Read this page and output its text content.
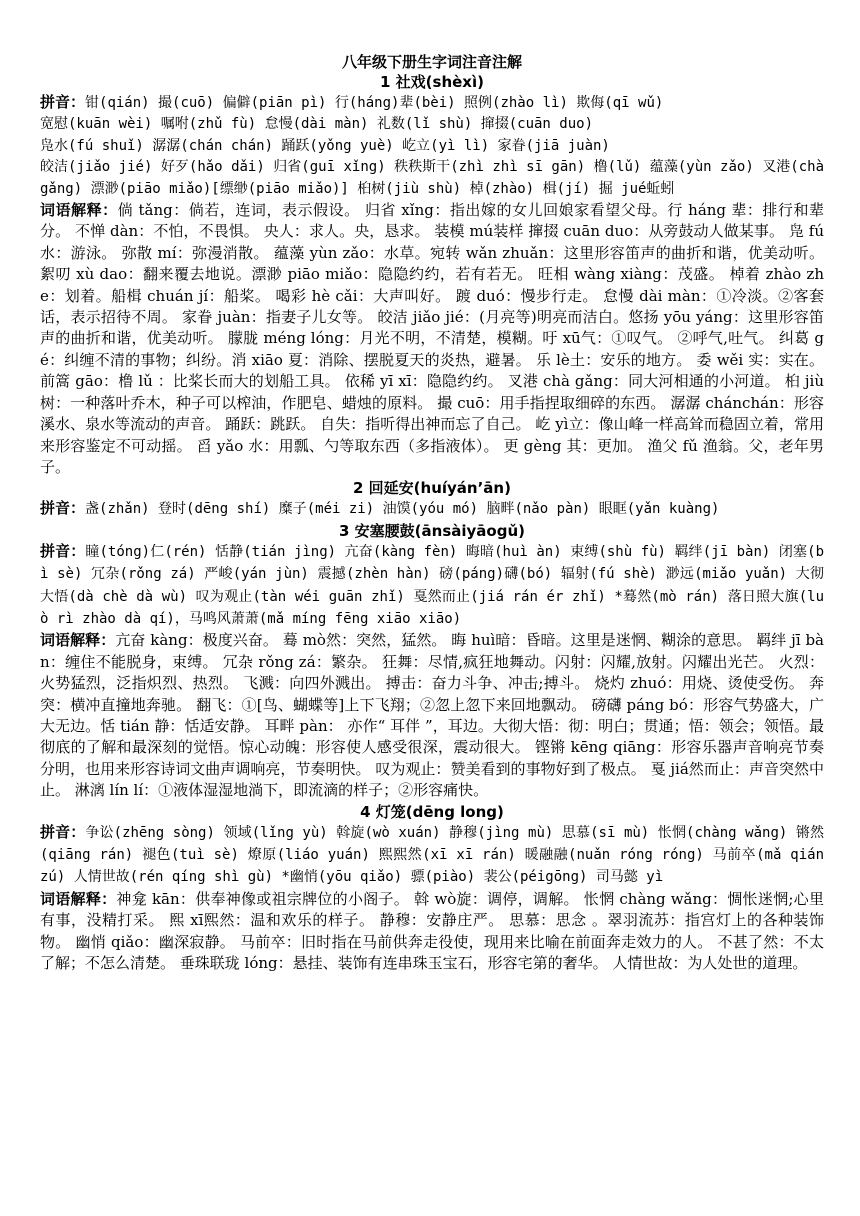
八年级下册生字词注音注解
1 社戏(shèxì)

拼音：钳(qián) 撮(cuō) 偏僻(piān pì) 行(háng)辈(bèi) 照例(zhào lì) 欺侮(qī wǔ)

宽慰(kuān wèi) 嘱咐(zhǔ fù) 怠慢(dài màn) 礼数(lǐ shù) 撺掇(cuān duo)

凫水(fú shuǐ) 潺潺(chán chán) 踊跃(yǒng yuè) 屹立(yì lì) 家眷(jiā juàn)

皎洁(jiǎo jié) 好歹(hǎo dǎi) 归省(guī xǐng) 秩秩斯干(zhì zhì sī gān) 橹(lǔ) 蕴藻(yùn zǎo) 叉港(chà gǎng) 漂渺(piāo miǎo)[缥缈(piāo miǎo)] 桕树(jiù shù) 棹(zhào) 楫(jí) 掘 jué蚯蚓

词语解释：倘 tǎng：倘若，连词，表示假设。 归省 xǐng：指出嫁的女儿回娘家看望父母。行 háng 辈：排行和辈分。 不惮 dàn：不怕，不畏惧。 央人：求人。央，恳求。 装模 mú装样 撺掇 cuān duo：从旁鼓动人做某事。 凫 fú水：游泳。 弥散 mí：弥漫消散。 蕴藻 yùn zǎo：水草。宛转 wǎn zhuǎn：这里形容笛声的曲折和谐，优美动听。 絮叨 xù dao：翻来覆去地说。漂渺 piāo miǎo：隐隐约约，若有若无。 旺相 wàng xiàng：茂盛。 棹着 zhào zhe：划着。船楫 chuán jí：船桨。 喝彩 hè cǎi：大声叫好。 踱 duó：慢步行走。 怠慢 dài màn：①冷淡。②客套话，表示招待不周。 家眷 juàn：指妻子儿女等。 皎洁 jiǎo jié：(月亮等)明亮而洁白。悠扬 yōu yáng：这里形容笛声的曲折和谐，优美动听。 朦胧 méng lóng：月光不明，不清楚，模糊。吁 xū气：①叹气。 ②呼气,吐气。 纠葛 gé：纠缠不清的事物；纠纷。消 xiāo 夏：消除、摆脱夏天的炎热，避暑。 乐 lè土：安乐的地方。 委 wěi 实：实在。前篙 gāo：橹 lǔ ：比桨长而大的划船工具。 依稀 yī xī：隐隐约约。 叉港 chà gǎng：同大河相通的小河道。 桕 jiù树：一种落叶乔木，种子可以榨油，作肥皂、蜡烛的原料。 撮 cuō：用手指捏取细碎的东西。 潺潺 chánchán：形容溪水、泉水等流动的声音。 踊跃：跳跃。 自失：指听得出神而忘了自己。 屹 yì立：像山峰一样高耸而稳固立着，常用来形容鉴定不可动摇。 舀 yǎo 水：用瓢、勺等取东西（多指液体）。 更 gèng 其：更加。 渔父 fǔ 渔翁。父，老年男子。

2 回延安(huíyán’ān)

拼音：盏(zhǎn) 登时(dēng shí) 糜子(méi zi) 油馍(yóu mó) 脑畔(nǎo pàn) 眼眶(yǎn kuàng)

3 安塞腰鼓(ānsàiyāogǔ)

拼音：瞳(tóng)仁(rén) 恬静(tián jìng) 亢奋(kàng fèn) 晦暗(huì àn) 束缚(shù fù) 羁绊(jī bàn) 闭塞(bì sè) 冗杂(rǒng zá) 严峻(yán jùn) 震撼(zhèn hàn) 磅(páng)礴(bó) 辐射(fú shè) 渺远(miǎo yuǎn) 大彻大悟(dà chè dà wù) 叹为观止(tàn wéi guān zhǐ) 戛然而止(jiá rán ér zhǐ) *蓦然(mò rán) 落日照大旗(luò rì zhào dà qí)，马鸣风萧萧(mǎ míng fēng xiāo xiāo)

词语解释：亢奋 kàng：极度兴奋。 蓦 mò然：突然，猛然。 晦 huì暗：昏暗。这里是迷惘、糊涂的意思。 羁绊 jī bàn：缠住不能脱身，束缚。 冗杂 rǒng zá：繁杂。 狂舞：尽情,疯狂地舞动。闪射：闪耀,放射。闪耀出光芒。 火烈：火势猛烈，泛指炽烈、热烈。 飞溅：向四外溅出。 搏击：奋力斗争、冲击;搏斗。 烧灼 zhuó：用烧、烫使受伤。 奔突：横冲直撞地奔驰。 翻飞：①[鸟、蝴蝶等]上下飞翔；②忽上忽下来回地飘动。 磅礴 páng bó：形容气势盛大，广大无边。恬 tián 静：恬适安静。 耳畔 pàn： 亦作“ 耳伴 ”，耳边。大彻大悟：彻：明白；贯通；悟：领会；领悟。最彻底的了解和最深刻的觉悟。惊心动魄：形容使人感受很深，震动很大。 铿锵 kēng qiāng：形容乐器声音响亮节奏分明，也用来形容诗词文曲声调响亮，节奏明快。 叹为观止：赞美看到的事物好到了极点。 戛 jiá然而止：声音突然中止。 淋漓 lín lí：①液体湿湿地淌下，即流滴的样子；②形容痛快。

4 灯笼(dēng long)

拼音：争讼(zhēng sòng) 领域(lǐng yù) 斡旋(wò xuán) 静穆(jìng mù) 思慕(sī mù) 怅惘(chàng wǎng) 锵然(qiāng rán) 褪色(tuì sè) 燎原(liáo yuán) 熙熙然(xī xī rán) 暖融融(nuǎn róng róng) 马前卒(mǎ qián zú) 人情世故(rén qíng shì gù) *幽悄(yōu qiǎo) 骠(piào) 裴公(péigōng) 司马懿 yì

词语解释：神龛 kān：供奉神像或祖宗牌位的小阁子。 斡 wò旋：调停，调解。 怅惘 chàng wǎng：惆怅迷惘;心里有事，没精打采。 熙 xī熙然：温和欢乐的样子。 静穆：安静庄严。 思慕：思念 。翠羽流苏：指宫灯上的各种装饰物。 幽悄 qiǎo：幽深寂静。 马前卒：旧时指在马前供奔走役使，现用来比喻在前面奔走效力的人。 不甚了然：不太了解；不怎么清楚。 垂珠联珑 lóng：悬挂、装饰有连串珠玉宝石，形容宅第的奢华。 人情世故：为人处世的道理。
